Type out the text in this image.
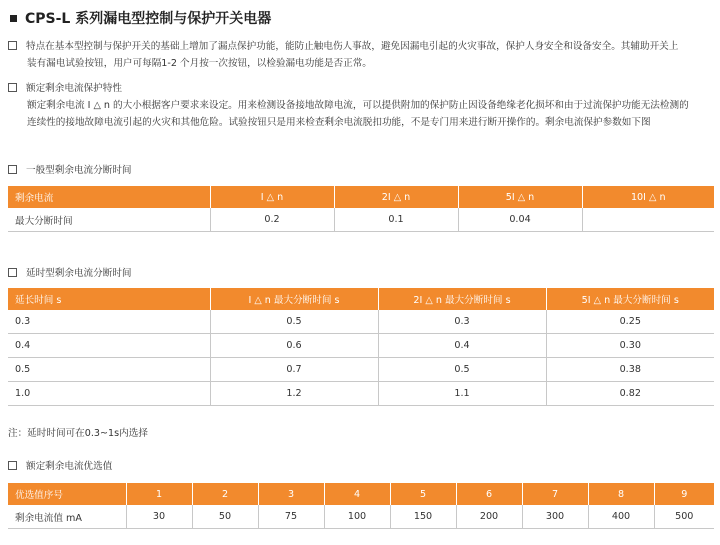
CPS-L 系列漏电型控制与保护开关电器
特点在基本型控制与保护开关的基础上增加了漏点保护功能，能防止触电伤人事故，避免因漏电引起的火灾事故，保护人身安全和设备安全。其辅助开关上
装有漏电试验按钮，用户可每隔1-2 个月按一次按钮，以检验漏电功能是否正常。
额定剩余电流保护特性
额定剩余电流 I △ n 的大小根据客户要求来设定。用来检测设备接地故障电流，可以提供附加的保护防止因设备绝缘老化损坏和由于过流保护功能无法检测的
连续性的接地故障电流引起的火灾和其他危险。试验按钮只是用来检查剩余电流脱扣功能，不是专门用来进行断开操作的。剩余电流保护参数如下图
一般型剩余电流分断时间
剩余电流	I △ n	2I △ n	5I △ n	10I △ n
最大分断时间	0.2	0.1	0.04	
延时型剩余电流分断时间
延长时间 s	I △ n 最大分断时间 s	2I △ n 最大分断时间 s	5I △ n 最大分断时间 s
0.3	0.5	0.3	0.25
0.4	0.6	0.4	0.30
0.5	0.7	0.5	0.38
1.0	1.2	1.1	0.82
注：延时时间可在0.3~1s内选择
额定剩余电流优选值
优选值序号	1	2	3	4	5	6	7	8	9
剩余电流值 mA	30	50	75	100	150	200	300	400	500
